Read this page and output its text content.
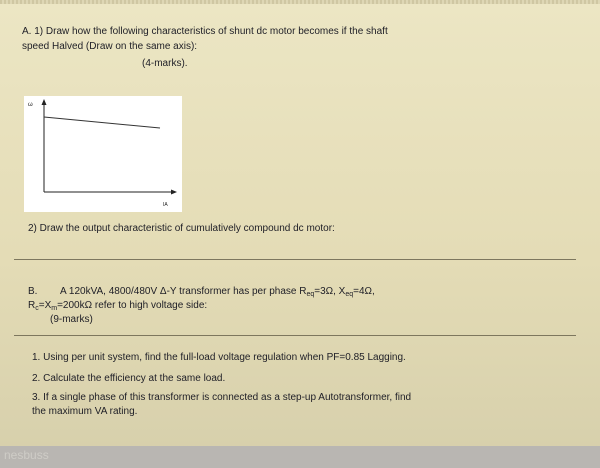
A. 1) Draw how the following characteristics of shunt dc motor becomes if the shaft
speed Halved (Draw on the same axis):
(4-marks).
ω
IA
2) Draw the output characteristic of cumulatively compound dc motor:
B. A 120kVA, 4800/480V Δ-Y transformer has per phase $R_{eq}=3\Omega$, $X_{eq}=4\Omega$,
$R_c=X_m=200k\Omega$ refer to high voltage side:
(9-marks)
1. Using per unit system, find the full-load voltage regulation when PF=0.85 Lagging.
2. Calculate the efficiency at the same load.
3. If a single phase of this transformer is connected as a step-up Autotransformer, find
the maximum VA rating.
nesbuss
